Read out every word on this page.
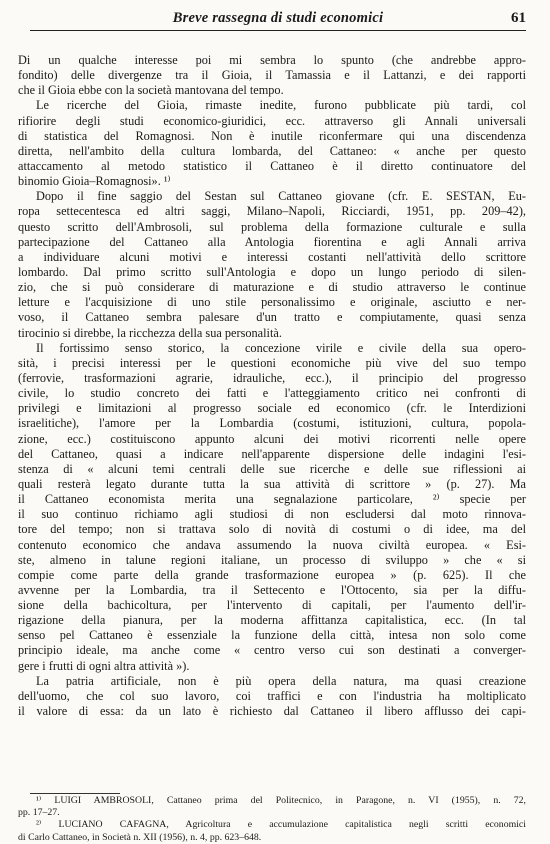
Breve rassegna di studi economici	61
Di un qualche interesse poi mi sembra lo spunto (che andrebbe appro-
fondito) delle divergenze tra il Gioia, il Tamassia e il Lattanzi, e dei rapporti
che il Gioia ebbe con la società mantovana del tempo.
Le ricerche del Gioia, rimaste inedite, furono pubblicate più tardi, col
rifiorire degli studi economico-giuridici, ecc. attraverso gli Annali universali
di statistica del Romagnosi. Non è inutile riconfermare qui una discendenza
diretta, nell'ambito della cultura lombarda, del Cattaneo: « anche per questo
attaccamento al metodo statistico il Cattaneo è il diretto continuatore del
binomio Gioia–Romagnosi». ¹⁾
Dopo il fine saggio del Sestan sul Cattaneo giovane (cfr. E. SESTAN, Eu-
ropa settecentesca ed altri saggi, Milano–Napoli, Ricciardi, 1951, pp. 209–42),
questo scritto dell'Ambrosoli, sul problema della formazione culturale e sulla
partecipazione del Cattaneo alla Antologia fiorentina e agli Annali arriva
a individuare alcuni motivi e interessi costanti nell'attività dello scrittore
lombardo. Dal primo scritto sull'Antologia e dopo un lungo periodo di silen-
zio, che si può considerare di maturazione e di studio attraverso le continue
letture e l'acquisizione di uno stile personalissimo e originale, asciutto e ner-
voso, il Cattaneo sembra palesare d'un tratto e compiutamente, quasi senza
tirocinio si direbbe, la ricchezza della sua personalità.
Il fortissimo senso storico, la concezione virile e civile della sua opero-
sità, i precisi interessi per le questioni economiche più vive del suo tempo
(ferrovie, trasformazioni agrarie, idrauliche, ecc.), il principio del progresso
civile, lo studio concreto dei fatti e l'atteggiamento critico nei confronti di
privilegi e limitazioni al progresso sociale ed economico (cfr. le Interdizioni
israelitiche), l'amore per la Lombardia (costumi, istituzioni, cultura, popola-
zione, ecc.) costituiscono appunto alcuni dei motivi ricorrenti nelle opere
del Cattaneo, quasi a indicare nell'apparente dispersione delle indagini l'esi-
stenza di « alcuni temi centrali delle sue ricerche e delle sue riflessioni ai
quali resterà legato durante tutta la sua attività di scrittore » (p. 27). Ma
il Cattaneo economista merita una segnalazione particolare, ²⁾ specie per
il suo continuo richiamo agli studiosi di non escludersi dal moto rinnova-
tore del tempo; non si trattava solo di novità di costumi o di idee, ma del
contenuto economico che andava assumendo la nuova civiltà europea. « Esi-
ste, almeno in talune regioni italiane, un processo di sviluppo » che « si
compie come parte della grande trasformazione europea » (p. 625). Il che
avvenne per la Lombardia, tra il Settecento e l'Ottocento, sia per la diffu-
sione della bachicoltura, per l'intervento di capitali, per l'aumento dell'ir-
rigazione della pianura, per la moderna affittanza capitalistica, ecc. (In tal
senso pel Cattaneo è essenziale la funzione della città, intesa non solo come
principio ideale, ma anche come « centro verso cui son destinati a converger-
gere i frutti di ogni altra attività »).
La patria artificiale, non è più opera della natura, ma quasi creazione
dell'uomo, che col suo lavoro, coi traffici e con l'industria ha moltiplicato
il valore di essa: da un lato è richiesto dal Cattaneo il libero afflusso dei capi-
¹⁾ LUIGI AMBROSOLI, Cattaneo prima del Politecnico, in Paragone, n. VI (1955), n. 72,
pp. 17–27.
²⁾ LUCIANO CAFAGNA, Agricoltura e accumulazione capitalistica negli scritti economici
di Carlo Cattaneo, in Società n. XII (1956), n. 4, pp. 623–648.
